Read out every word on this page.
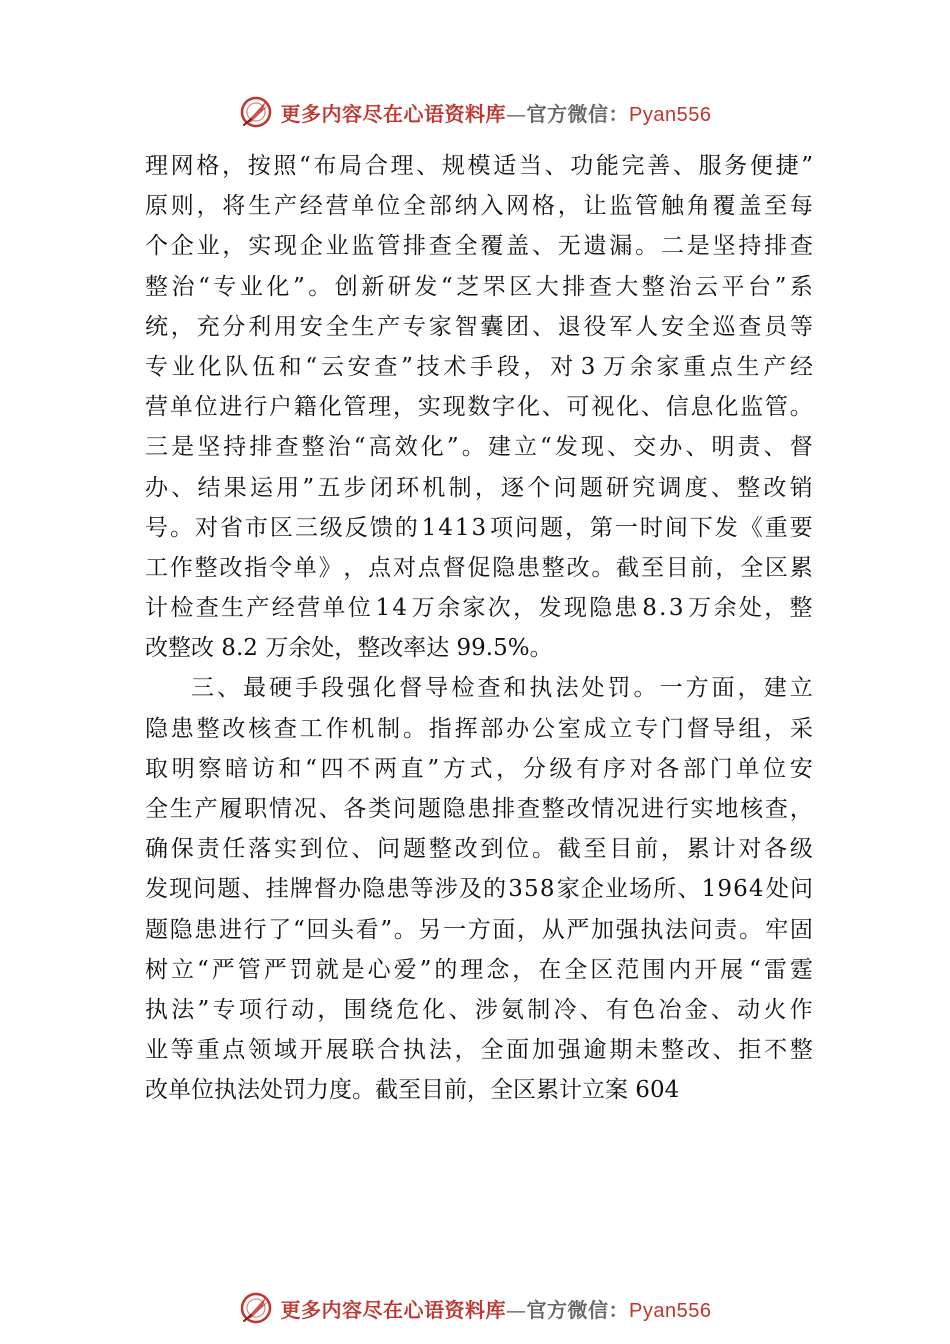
更多内容尽在心语资料库—官方微信：Pyan556
理 网 格 ， 按 照 “ 布 局 合 理 、 规 模 适 当 、 功 能 完 善 、 服 务 便 捷 ”
原 则 ， 将 生 产 经 营 单 位 全 部 纳 入 网 格 ， 让 监 管 触 角 覆 盖 至 每
个 企 业 ， 实 现 企 业 监 管 排 查 全 覆 盖 、 无 遗 漏 。 二 是 坚 持 排 查
整 治 “ 专 业 化 ” 。 创 新 研 发 “ 芝 罘 区 大 排 查 大 整 治 云 平 台 ” 系
统 ， 充 分 利 用 安 全 生 产 专 家 智 囊 团 、 退 役 军 人 安 全 巡 查 员 等
专 业 化 队 伍 和 “ 云 安 查 ” 技 术 手 段 ， 对 3 万 余 家 重 点 生 产 经
营 单 位 进 行 户 籍 化 管 理 ， 实 现 数 字 化 、 可 视 化 、 信 息 化 监 管 。
三 是 坚 持 排 查 整 治 “ 高 效 化 ” 。 建 立 “ 发 现 、 交 办 、 明 责 、 督
办 、 结 果 运 用 ” 五 步 闭 环 机 制 ， 逐 个 问 题 研 究 调 度 、 整 改 销
号 。 对 省 市 区 三 级 反 馈 的 1 4 1 3 项 问 题 ， 第 一 时 间 下 发 《 重 要
工 作 整 改 指 令 单 》 ， 点 对 点 督 促 隐 患 整 改 。 截 至 目 前 ， 全 区 累
计 检 查 生 产 经 营 单 位 1 4 万 余 家 次 ， 发 现 隐 患 8 . 3 万 余 处 ， 整
改整改 8.2 万余处，整改率达 99.5%。
三 、 最 硬 手 段 强 化 督 导 检 查 和 执 法 处 罚 。 一 方 面 ， 建 立
隐 患 整 改 核 查 工 作 机 制 。 指 挥 部 办 公 室 成 立 专 门 督 导 组 ， 采
取 明 察 暗 访 和 “ 四 不 两 直 ” 方 式 ， 分 级 有 序 对 各 部 门 单 位 安
全 生 产 履 职 情 况 、 各 类 问 题 隐 患 排 查 整 改 情 况 进 行 实 地 核 查 ，
确 保 责 任 落 实 到 位 、 问 题 整 改 到 位 。 截 至 目 前 ， 累 计 对 各 级
发 现 问 题 、 挂 牌 督 办 隐 患 等 涉 及 的 3 5 8 家 企 业 场 所 、 1 9 6 4 处 问
题 隐 患 进 行 了 “ 回 头 看 ” 。 另 一 方 面 ， 从 严 加 强 执 法 问 责 。 牢 固
树 立 “ 严 管 严 罚 就 是 心 爱 ” 的 理 念 ， 在 全 区 范 围 内 开 展 “ 雷 霆
执 法 ” 专 项 行 动 ， 围 绕 危 化 、 涉 氨 制 冷 、 有 色 冶 金 、 动 火 作
业 等 重 点 领 域 开 展 联 合 执 法 ， 全 面 加 强 逾 期 未 整 改 、 拒 不 整
改单位执法处罚力度。截至目前，全区累计立案 604
更多内容尽在心语资料库—官方微信：Pyan556
